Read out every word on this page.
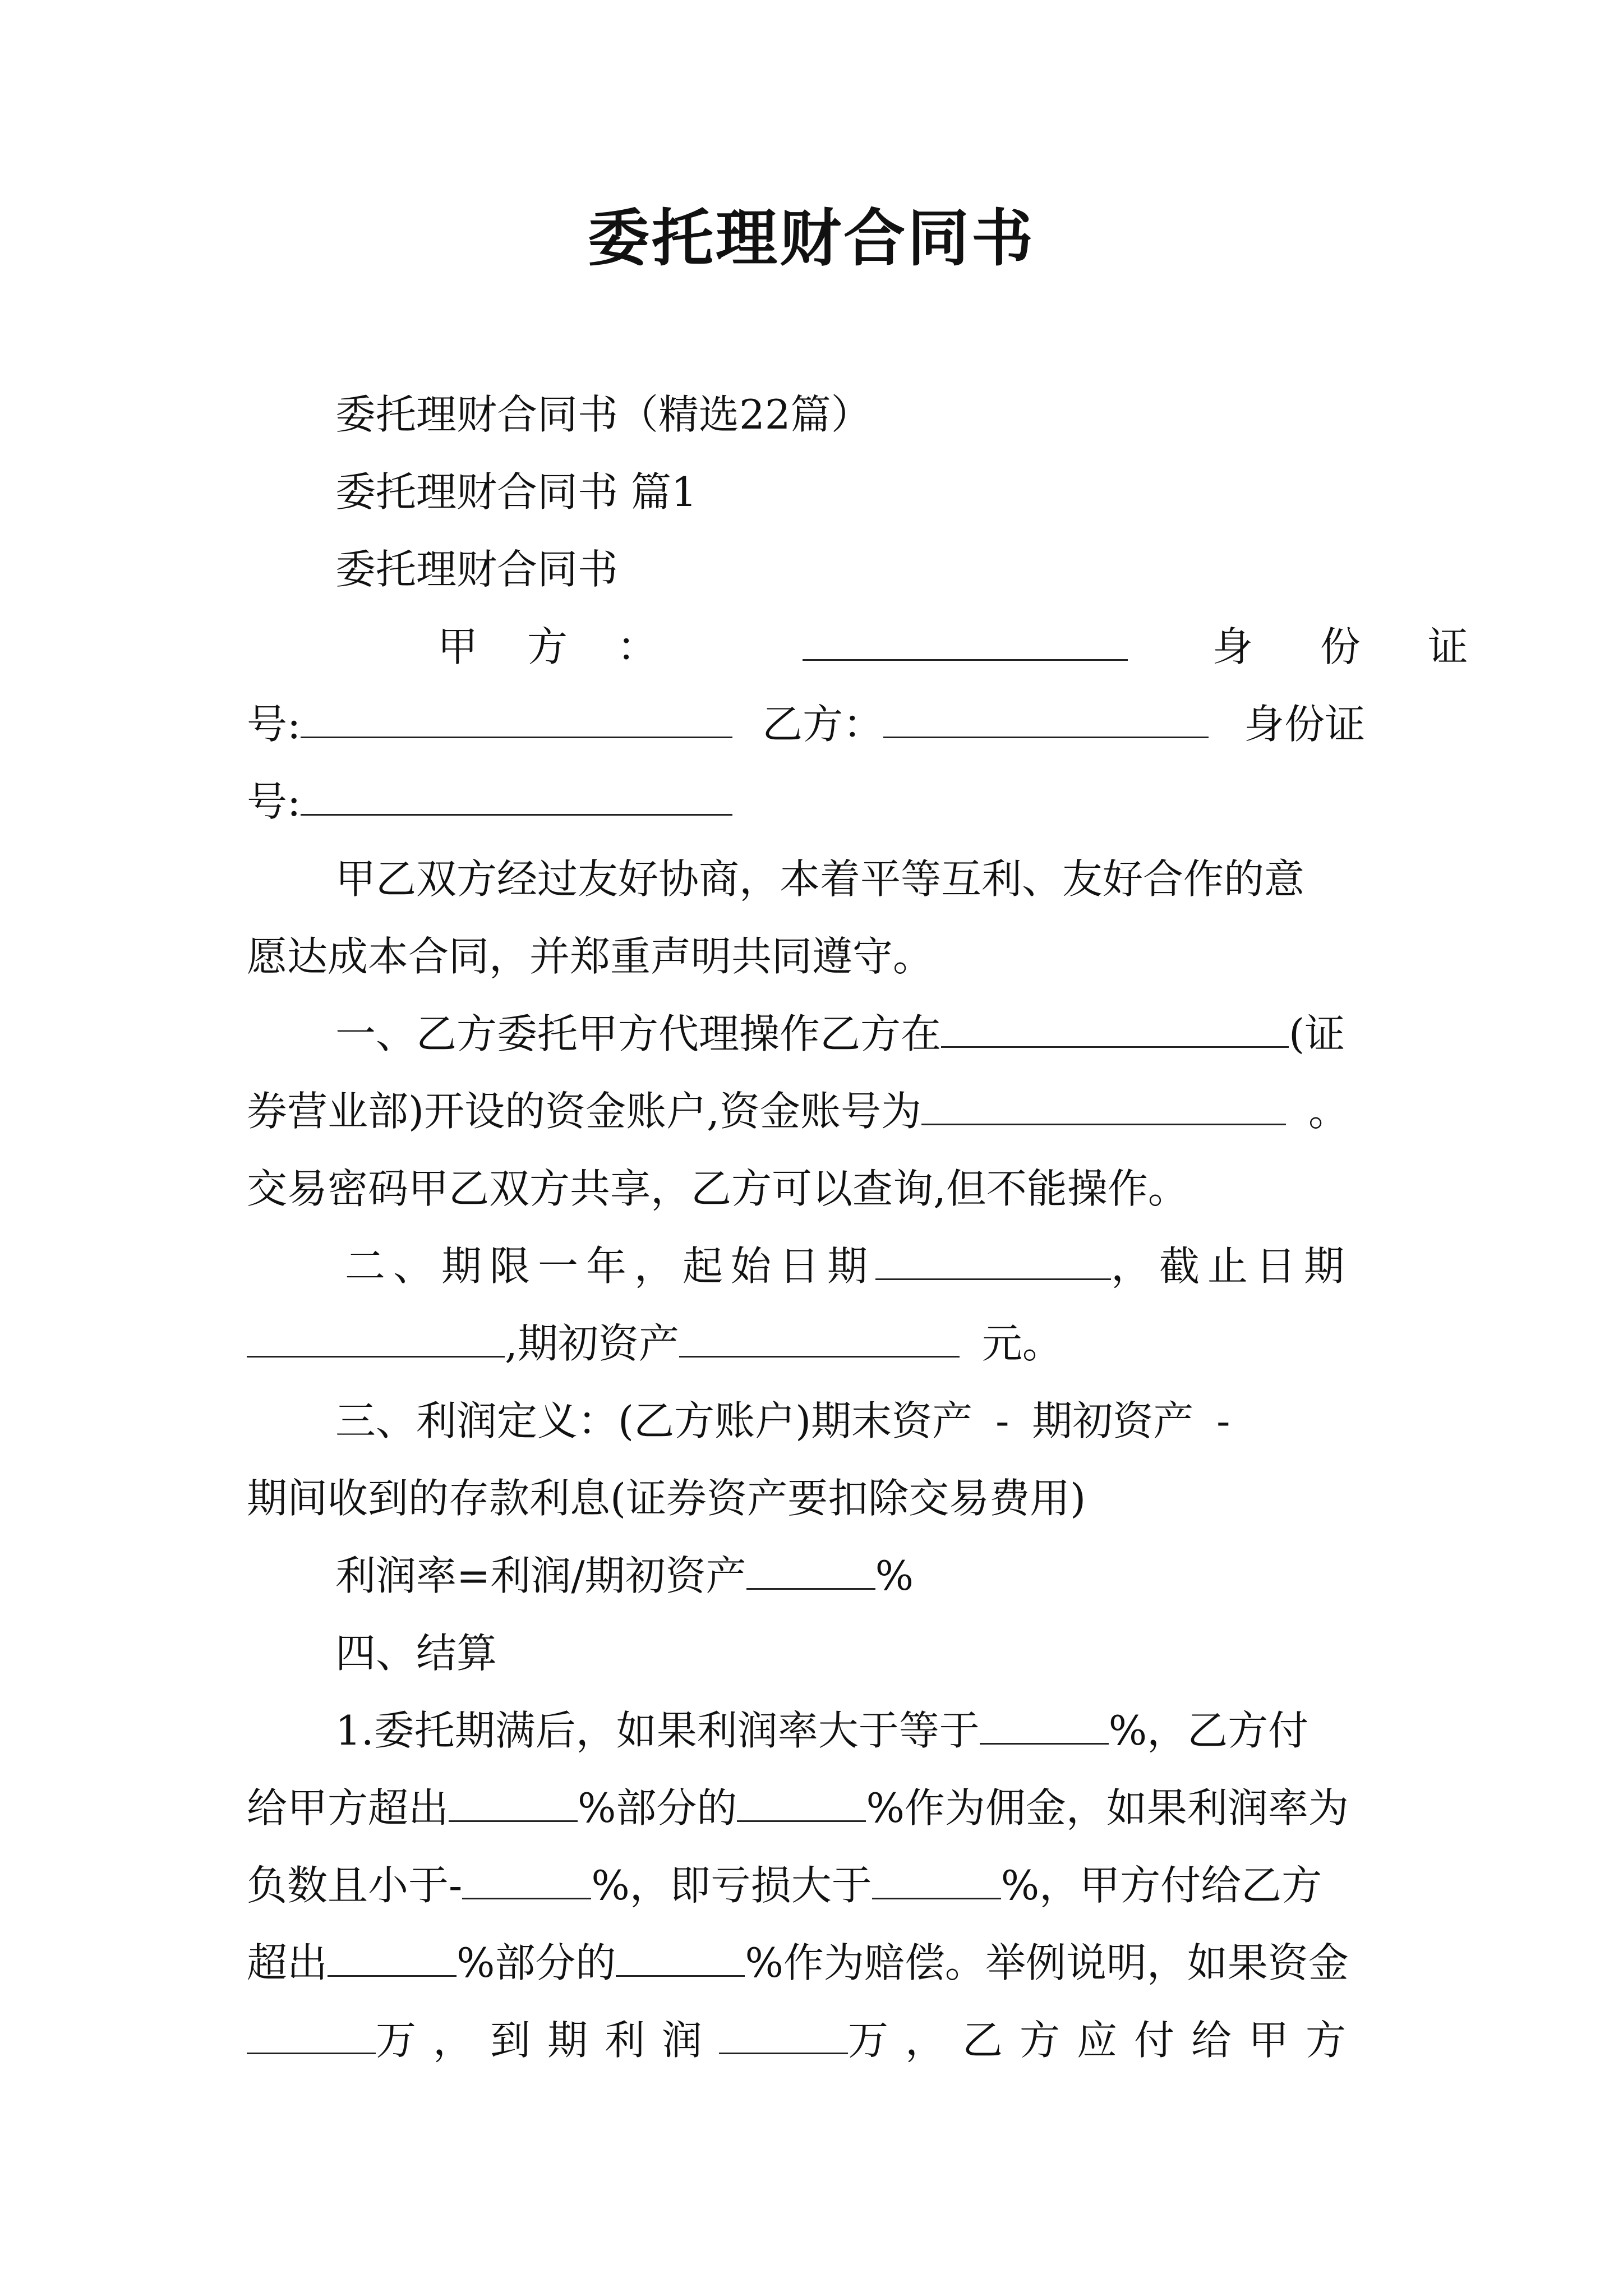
委托理财合同书

委托理财合同书（精选22篇）

委托理财合同书 篇1

委托理财合同书

甲方：	身份证

号:	乙方：	身份证

号:

甲乙双方经过友好协商，本着平等互利、友好合作的意

愿达成本合同，并郑重声明共同遵守。

一、乙方委托甲方代理操作乙方在	(证

券营业部)开设的资金账户,资金账号为	。

交易密码甲乙双方共享，乙方可以查询,但不能操作。

二、期限一年，起始日期	，截止日期

,期初资产	元。

三、利润定义：(乙方账户)期末资产 - 期初资产 -

期间收到的存款利息(证券资产要扣除交易费用)

利润率=利润/期初资产	%

四、结算

1.委托期满后，如果利润率大于等于	%，乙方付

给甲方超出	%部分的	%作为佣金，如果利润率为

负数且小于-	%，即亏损大于	%，甲方付给乙方

超出	%部分的	%作为赔偿。举例说明，如果资金

万，到期利润	万，乙方应付给甲方
